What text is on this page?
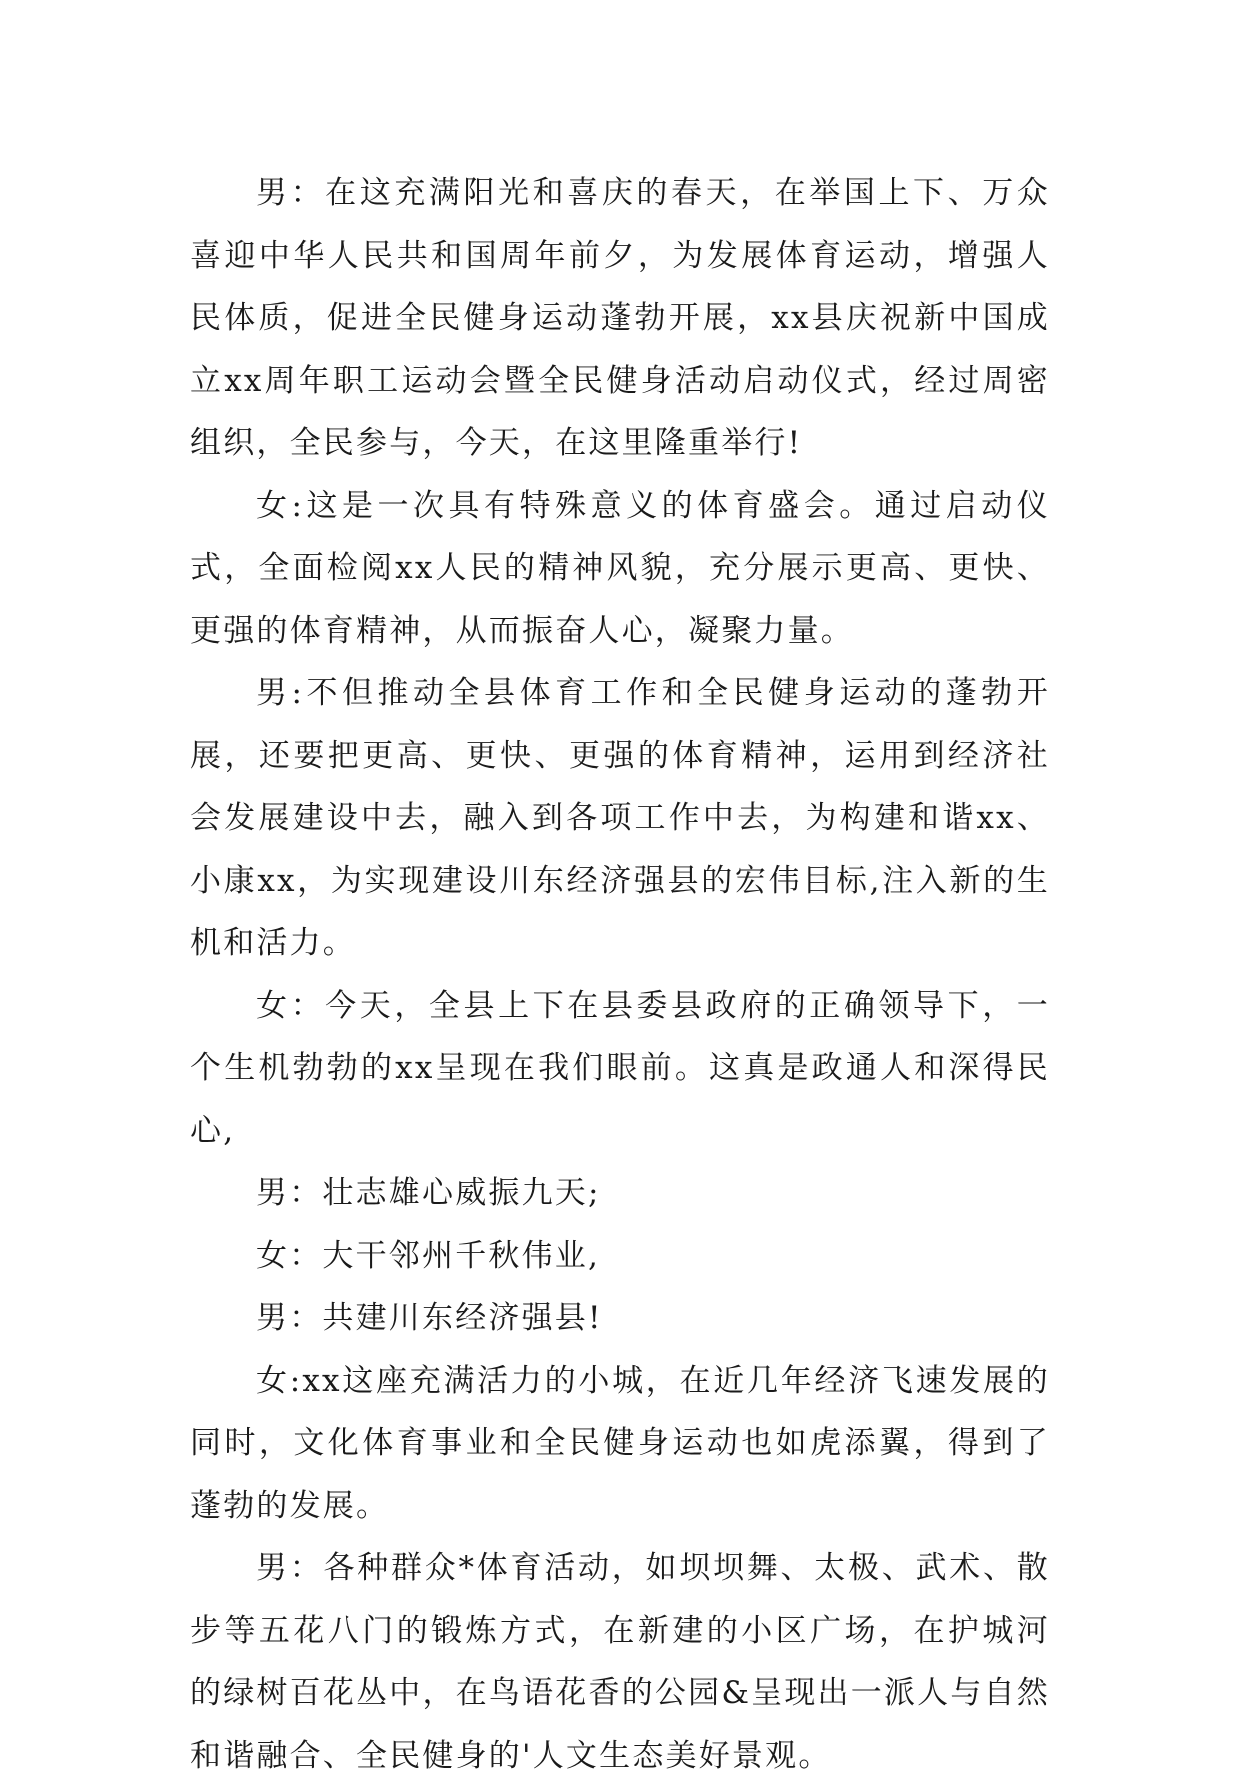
男：在这充满阳光和喜庆的春天，在举国上下、万众喜迎中华人民共和国周年前夕，为发展体育运动，增强人民体质，促进全民健身运动蓬勃开展，xx县庆祝新中国成立xx周年职工运动会暨全民健身活动启动仪式，经过周密组织，全民参与，今天，在这里隆重举行!

女:这是一次具有特殊意义的体育盛会。通过启动仪式，全面检阅xx人民的精神风貌，充分展示更高、更快、更强的体育精神，从而振奋人心，凝聚力量。

男:不但推动全县体育工作和全民健身运动的蓬勃开展，还要把更高、更快、更强的体育精神，运用到经济社会发展建设中去，融入到各项工作中去，为构建和谐xx、小康xx，为实现建设川东经济强县的宏伟目标,注入新的生机和活力。

女：今天，全县上下在县委县政府的正确领导下，一个生机勃勃的xx呈现在我们眼前。这真是政通人和深得民心,

男：壮志雄心威振九天;

女：大干邻州千秋伟业,

男：共建川东经济强县!

女:xx这座充满活力的小城，在近几年经济飞速发展的同时，文化体育事业和全民健身运动也如虎添翼，得到了蓬勃的发展。

男：各种群众*体育活动，如坝坝舞、太极、武术、散步等五花八门的锻炼方式，在新建的小区广场，在护城河的绿树百花丛中，在鸟语花香的公园&呈现出一派人与自然和谐融合、全民健身的'人文生态美好景观。
